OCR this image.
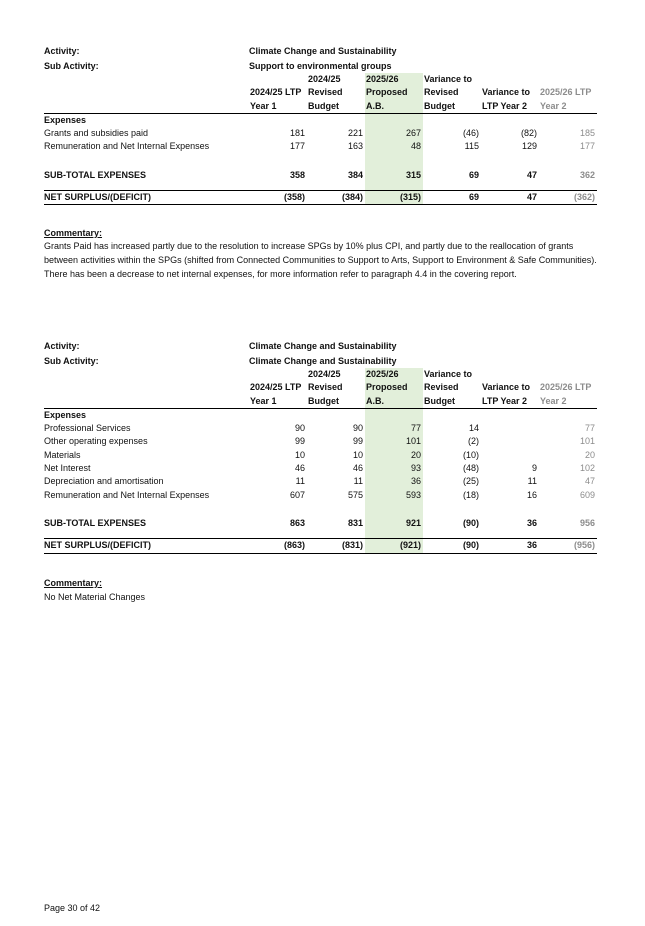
Activity:	Climate Change and Sustainability
Sub Activity:	Support to environmental groups
		2024/25	2025/26	Variance to		
	2024/25 LTP	Revised	Proposed	Revised	Variance to	2025/26 LTP
	Year 1	Budget	A.B.	Budget	LTP Year 2	Year 2
Expenses						
Grants and subsidies paid	181	221	267	(46)	(82)	185
Remuneration and Net Internal Expenses	177	163	48	115	129	177

SUB-TOTAL EXPENSES	358	384	315	69	47	362

NET SURPLUS/(DEFICIT)	(358)	(384)	(315)	69	47	(362)
Commentary:
Grants Paid has increased partly due to the resolution to increase SPGs by 10% plus CPI, and partly due to the reallocation of grants between activities within the SPGs (shifted from Connected Communities to Support to Arts, Support to Environment & Safe Communities). There has been a decrease to net internal expenses, for more information refer to paragraph 4.4 in the covering report.
Activity:	Climate Change and Sustainability
Sub Activity:	Climate Change and Sustainability
		2024/25	2025/26	Variance to		
	2024/25 LTP	Revised	Proposed	Revised	Variance to	2025/26 LTP
	Year 1	Budget	A.B.	Budget	LTP Year 2	Year 2
Expenses						
Professional Services	90	90	77	14		77
Other operating expenses	99	99	101	(2)		101
Materials	10	10	20	(10)		20
Net Interest	46	46	93	(48)	9	102
Depreciation and amortisation	11	11	36	(25)	11	47
Remuneration and Net Internal Expenses	607	575	593	(18)	16	609

SUB-TOTAL EXPENSES	863	831	921	(90)	36	956

NET SURPLUS/(DEFICIT)	(863)	(831)	(921)	(90)	36	(956)
Commentary:
No Net Material Changes
Page 30 of 42
